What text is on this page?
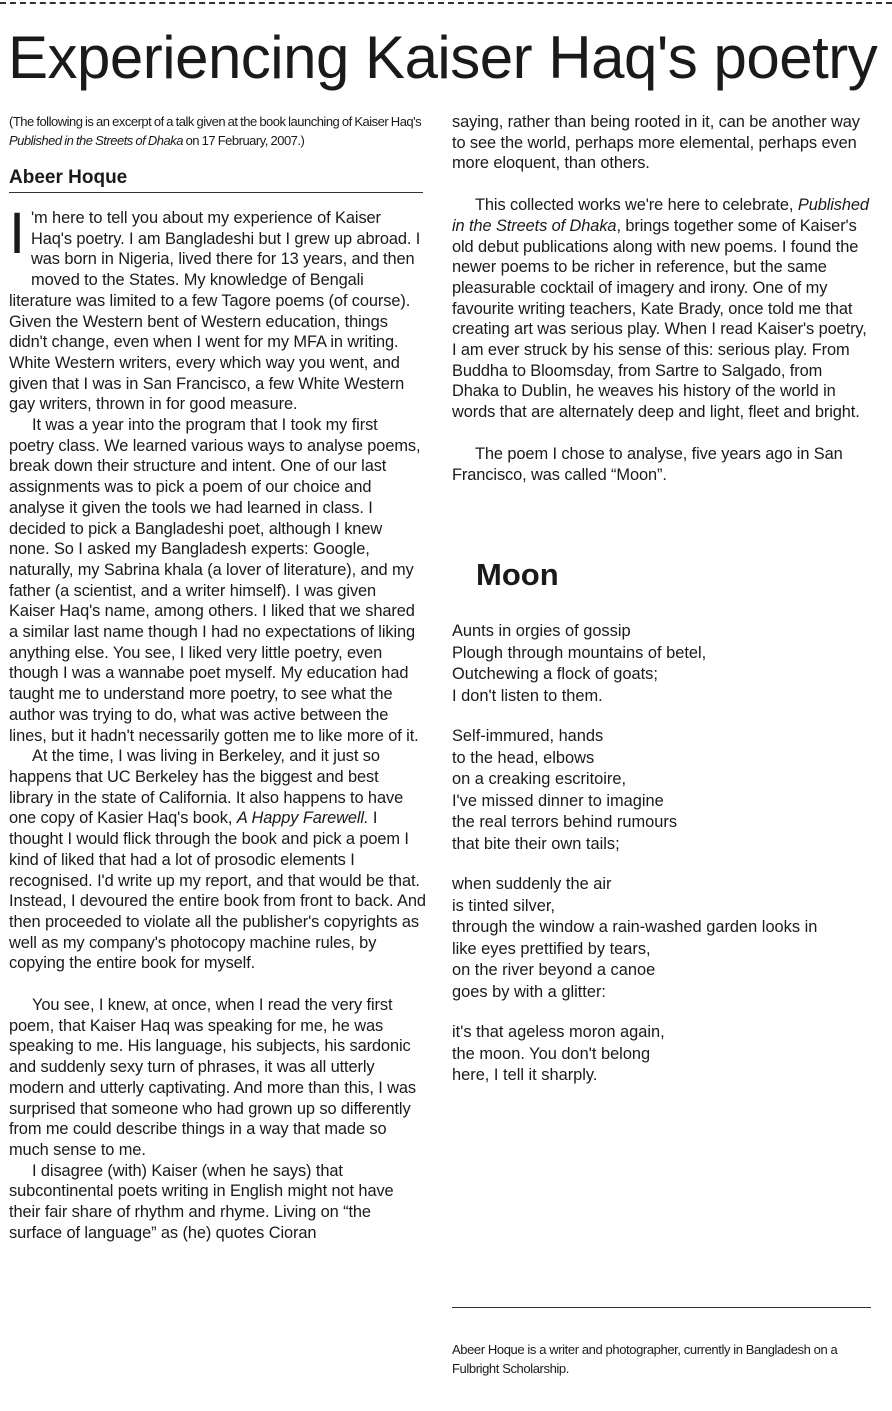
Experiencing Kaiser Haq's poetry

(The following is an excerpt of a talk given at the book launching of Kaiser Haq's Published in the Streets of Dhaka on 17 February, 2007.)

Abeer Hoque

I 'm here to tell you about my experience of Kaiser Haq's poetry. I am Bangladeshi but I grew up abroad. I was born in Nigeria, lived there for 13 years, and then moved to the States. My knowledge of Bengali literature was limited to a few Tagore poems (of course). Given the Western bent of Western education, things didn't change, even when I went for my MFA in writing. White Western writers, every which way you went, and given that I was in San Francisco, a few White Western gay writers, thrown in for good measure.

It was a year into the program that I took my first poetry class. We learned various ways to analyse poems, break down their structure and intent. One of our last assignments was to pick a poem of our choice and analyse it given the tools we had learned in class. I decided to pick a Bangladeshi poet, although I knew none. So I asked my Bangladesh experts: Google, naturally, my Sabrina khala (a lover of literature), and my father (a scientist, and a writer himself). I was given Kaiser Haq's name, among others. I liked that we shared a similar last name though I had no expectations of liking anything else. You see, I liked very little poetry, even though I was a wannabe poet myself. My education had taught me to understand more poetry, to see what the author was trying to do, what was active between the lines, but it hadn't necessarily gotten me to like more of it.

At the time, I was living in Berkeley, and it just so happens that UC Berkeley has the biggest and best library in the state of California. It also happens to have one copy of Kasier Haq's book, A Happy Farewell. I thought I would flick through the book and pick a poem I kind of liked that had a lot of prosodic elements I recognised. I'd write up my report, and that would be that. Instead, I devoured the entire book from front to back. And then proceeded to violate all the publisher's copyrights as well as my company's photocopy machine rules, by copying the entire book for myself.

You see, I knew, at once, when I read the very first poem, that Kaiser Haq was speaking for me, he was speaking to me. His language, his subjects, his sardonic and suddenly sexy turn of phrases, it was all utterly modern and utterly captivating. And more than this, I was surprised that someone who had grown up so differently from me could describe things in a way that made so much sense to me.

I disagree (with) Kaiser (when he says) that subcontinental poets writing in English might not have their fair share of rhythm and rhyme. Living on “the surface of language” as (he) quotes Cioran

saying, rather than being rooted in it, can be another way to see the world, perhaps more elemental, perhaps even more eloquent, than others.

This collected works we're here to celebrate, Published in the Streets of Dhaka, brings together some of Kaiser's old debut publications along with new poems. I found the newer poems to be richer in reference, but the same pleasurable cocktail of imagery and irony. One of my favourite writing teachers, Kate Brady, once told me that creating art was serious play. When I read Kaiser's poetry, I am ever struck by his sense of this: serious play. From Buddha to Bloomsday, from Sartre to Salgado, from Dhaka to Dublin, he weaves his history of the world in words that are alternately deep and light, fleet and bright.

The poem I chose to analyse, five years ago in San Francisco, was called “Moon”.

Moon
Aunts in orgies of gossip
Plough through mountains of betel,
Outchewing a flock of goats;
I don't listen to them.
Self-immured, hands
to the head, elbows
on a creaking escritoire,
I've missed dinner to imagine
the real terrors behind rumours
that bite their own tails;
when suddenly the air
is tinted silver,
through the window a rain-washed garden looks in
like eyes prettified by tears,
on the river beyond a canoe
goes by with a glitter:
it's that ageless moron again,
the moon. You don't belong
here, I tell it sharply.

Abeer Hoque is a writer and photographer, currently in Bangladesh on a Fulbright Scholarship.
